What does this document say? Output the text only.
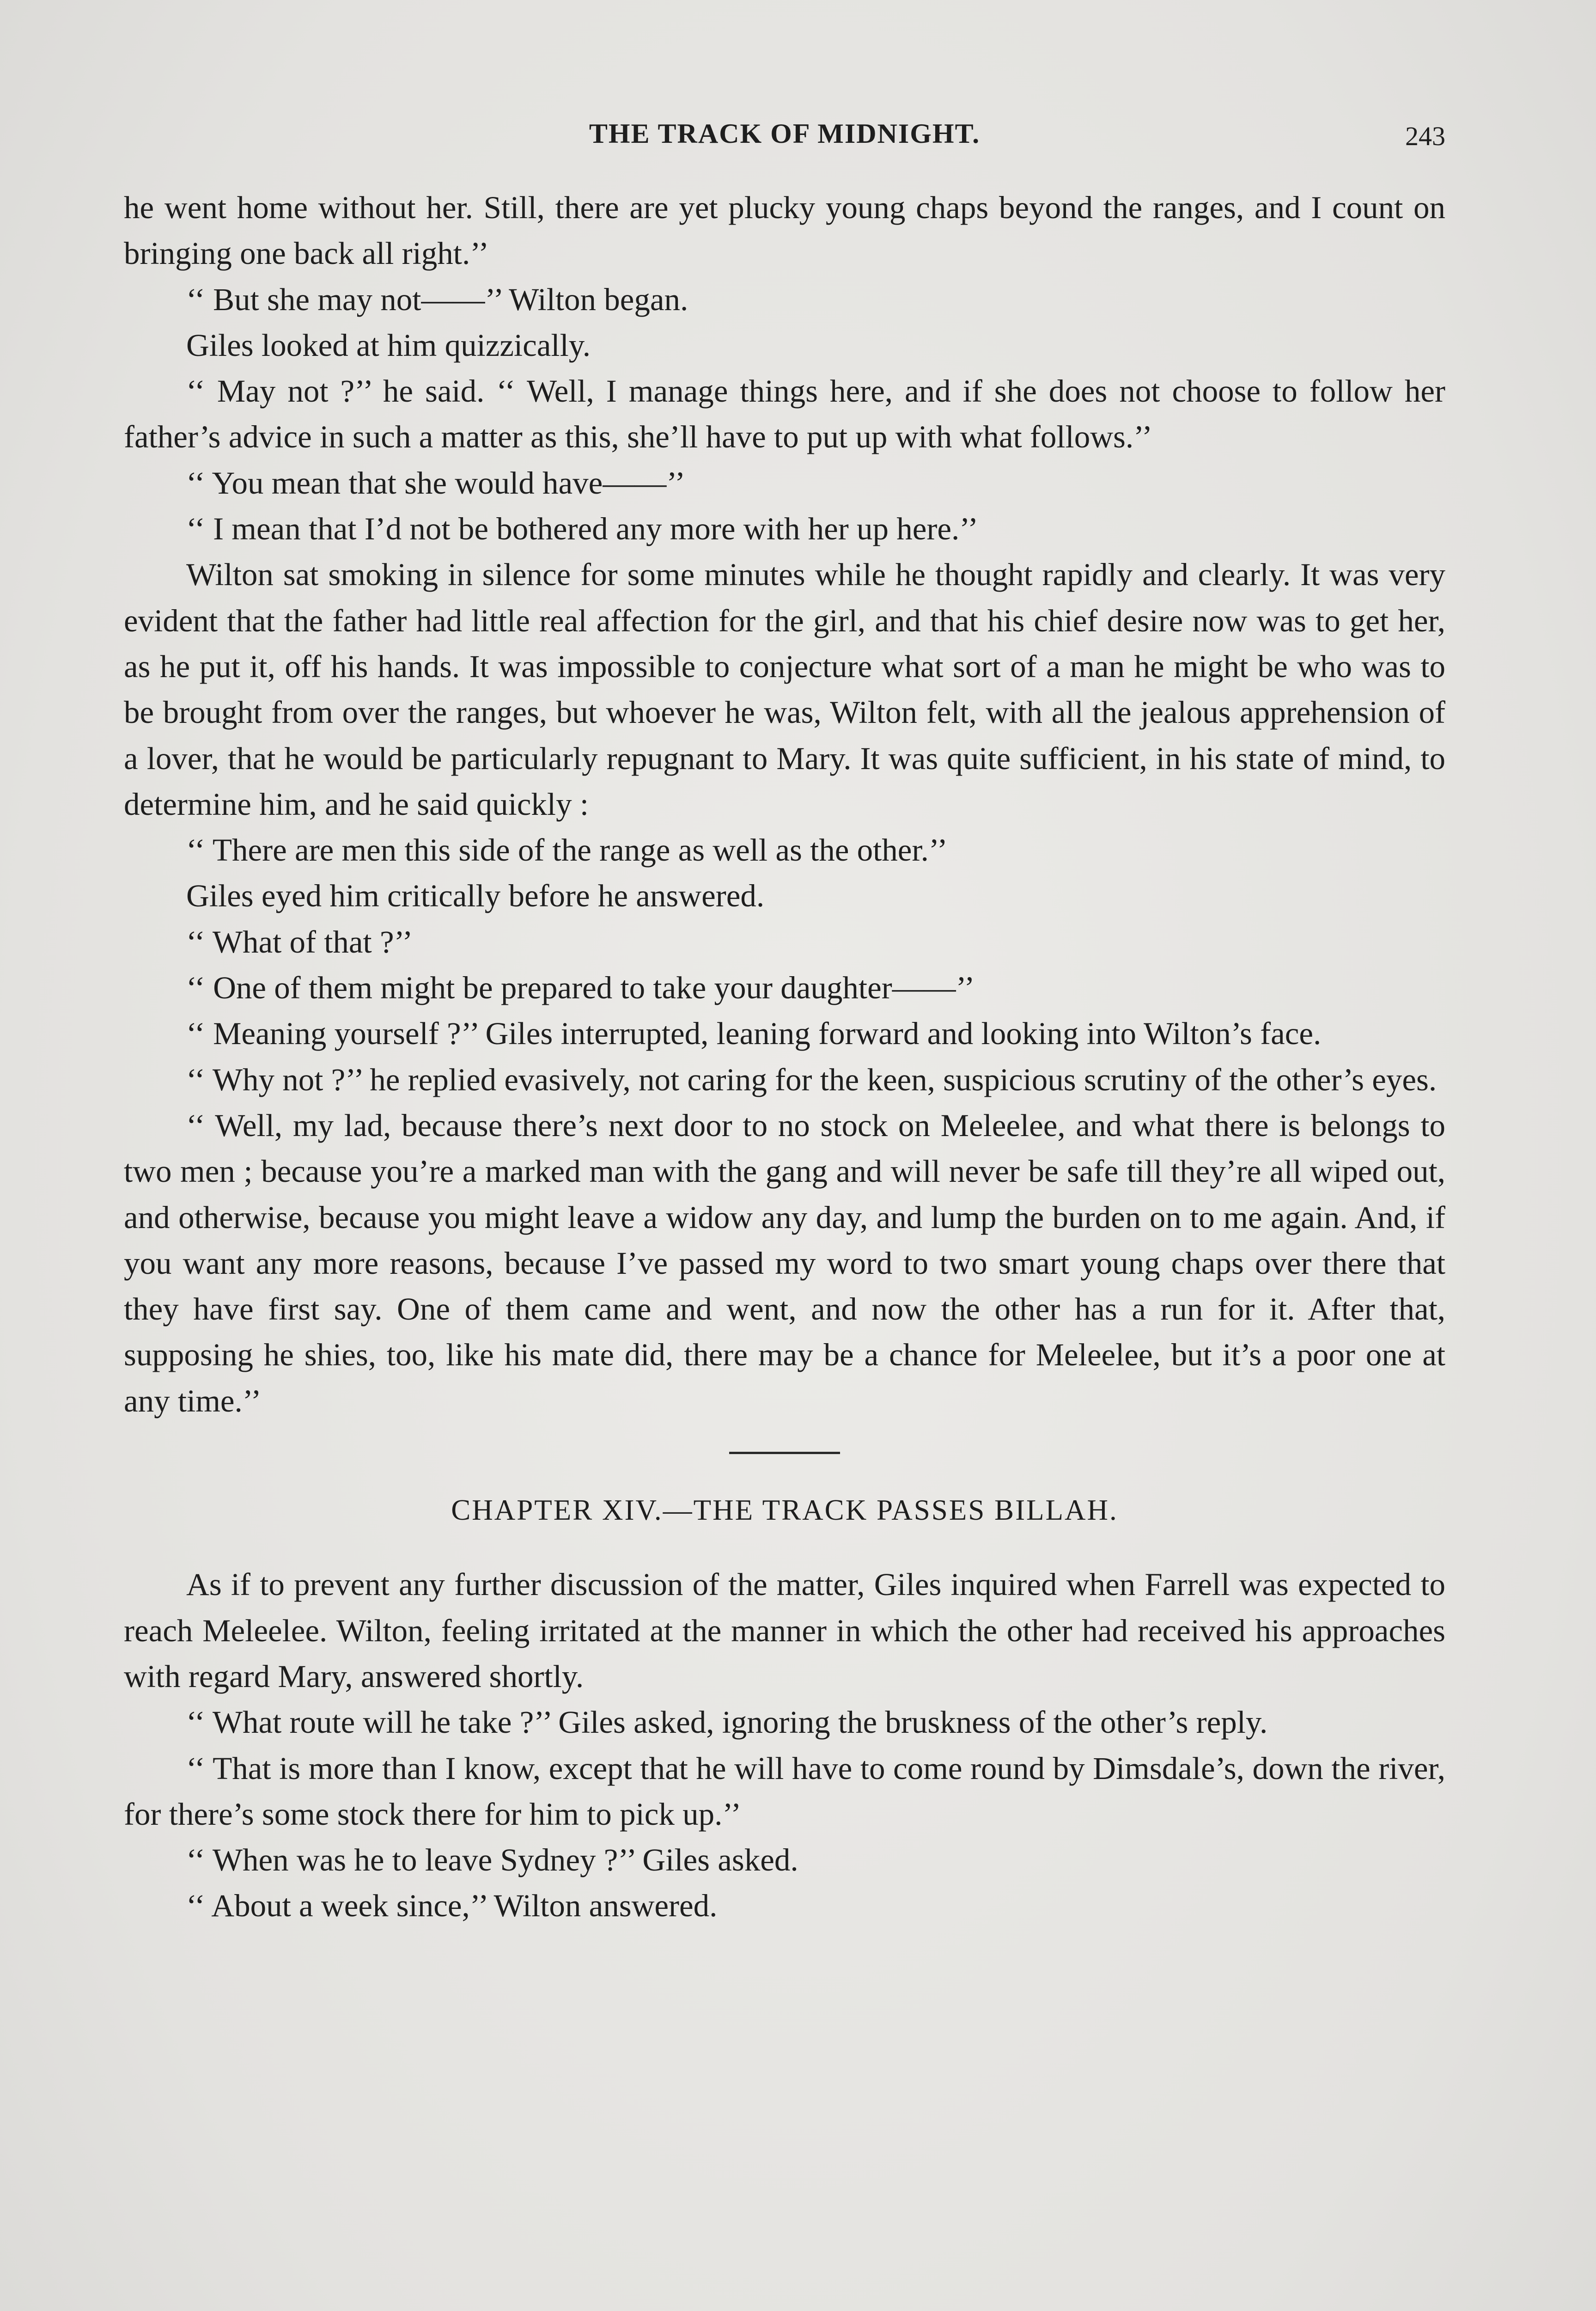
THE TRACK OF MIDNIGHT.	243

he went home without her. Still, there are yet plucky young chaps beyond the ranges, and I count on bringing one back all right.’’

‘‘ But she may not——’’ Wilton began.

Giles looked at him quizzically.

‘‘ May not ?’’ he said. ‘‘ Well, I manage things here, and if she does not choose to follow her father’s advice in such a matter as this, she’ll have to put up with what follows.’’

‘‘ You mean that she would have——’’

‘‘ I mean that I’d not be bothered any more with her up here.’’

Wilton sat smoking in silence for some minutes while he thought rapidly and clearly. It was very evident that the father had little real affection for the girl, and that his chief desire now was to get her, as he put it, off his hands. It was impossible to conjecture what sort of a man he might be who was to be brought from over the ranges, but whoever he was, Wilton felt, with all the jealous apprehension of a lover, that he would be particularly repugnant to Mary. It was quite sufficient, in his state of mind, to determine him, and he said quickly :

‘‘ There are men this side of the range as well as the other.’’

Giles eyed him critically before he answered.

‘‘ What of that ?’’

‘‘ One of them might be prepared to take your daughter——’’

‘‘ Meaning yourself ?’’ Giles interrupted, leaning forward and looking into Wilton’s face.

‘‘ Why not ?’’ he replied evasively, not caring for the keen, suspicious scrutiny of the other’s eyes.

‘‘ Well, my lad, because there’s next door to no stock on Meleelee, and what there is belongs to two men ; because you’re a marked man with the gang and will never be safe till they’re all wiped out, and otherwise, because you might leave a widow any day, and lump the burden on to me again. And, if you want any more reasons, because I’ve passed my word to two smart young chaps over there that they have first say. One of them came and went, and now the other has a run for it. After that, supposing he shies, too, like his mate did, there may be a chance for Meleelee, but it’s a poor one at any time.’’

CHAPTER XIV.—THE TRACK PASSES BILLAH.

As if to prevent any further discussion of the matter, Giles inquired when Farrell was expected to reach Meleelee. Wilton, feeling irritated at the manner in which the other had received his approaches with regard Mary, answered shortly.

‘‘ What route will he take ?’’ Giles asked, ignoring the bruskness of the other’s reply.

‘‘ That is more than I know, except that he will have to come round by Dimsdale’s, down the river, for there’s some stock there for him to pick up.’’

‘‘ When was he to leave Sydney ?’’ Giles asked.

‘‘ About a week since,’’ Wilton answered.
